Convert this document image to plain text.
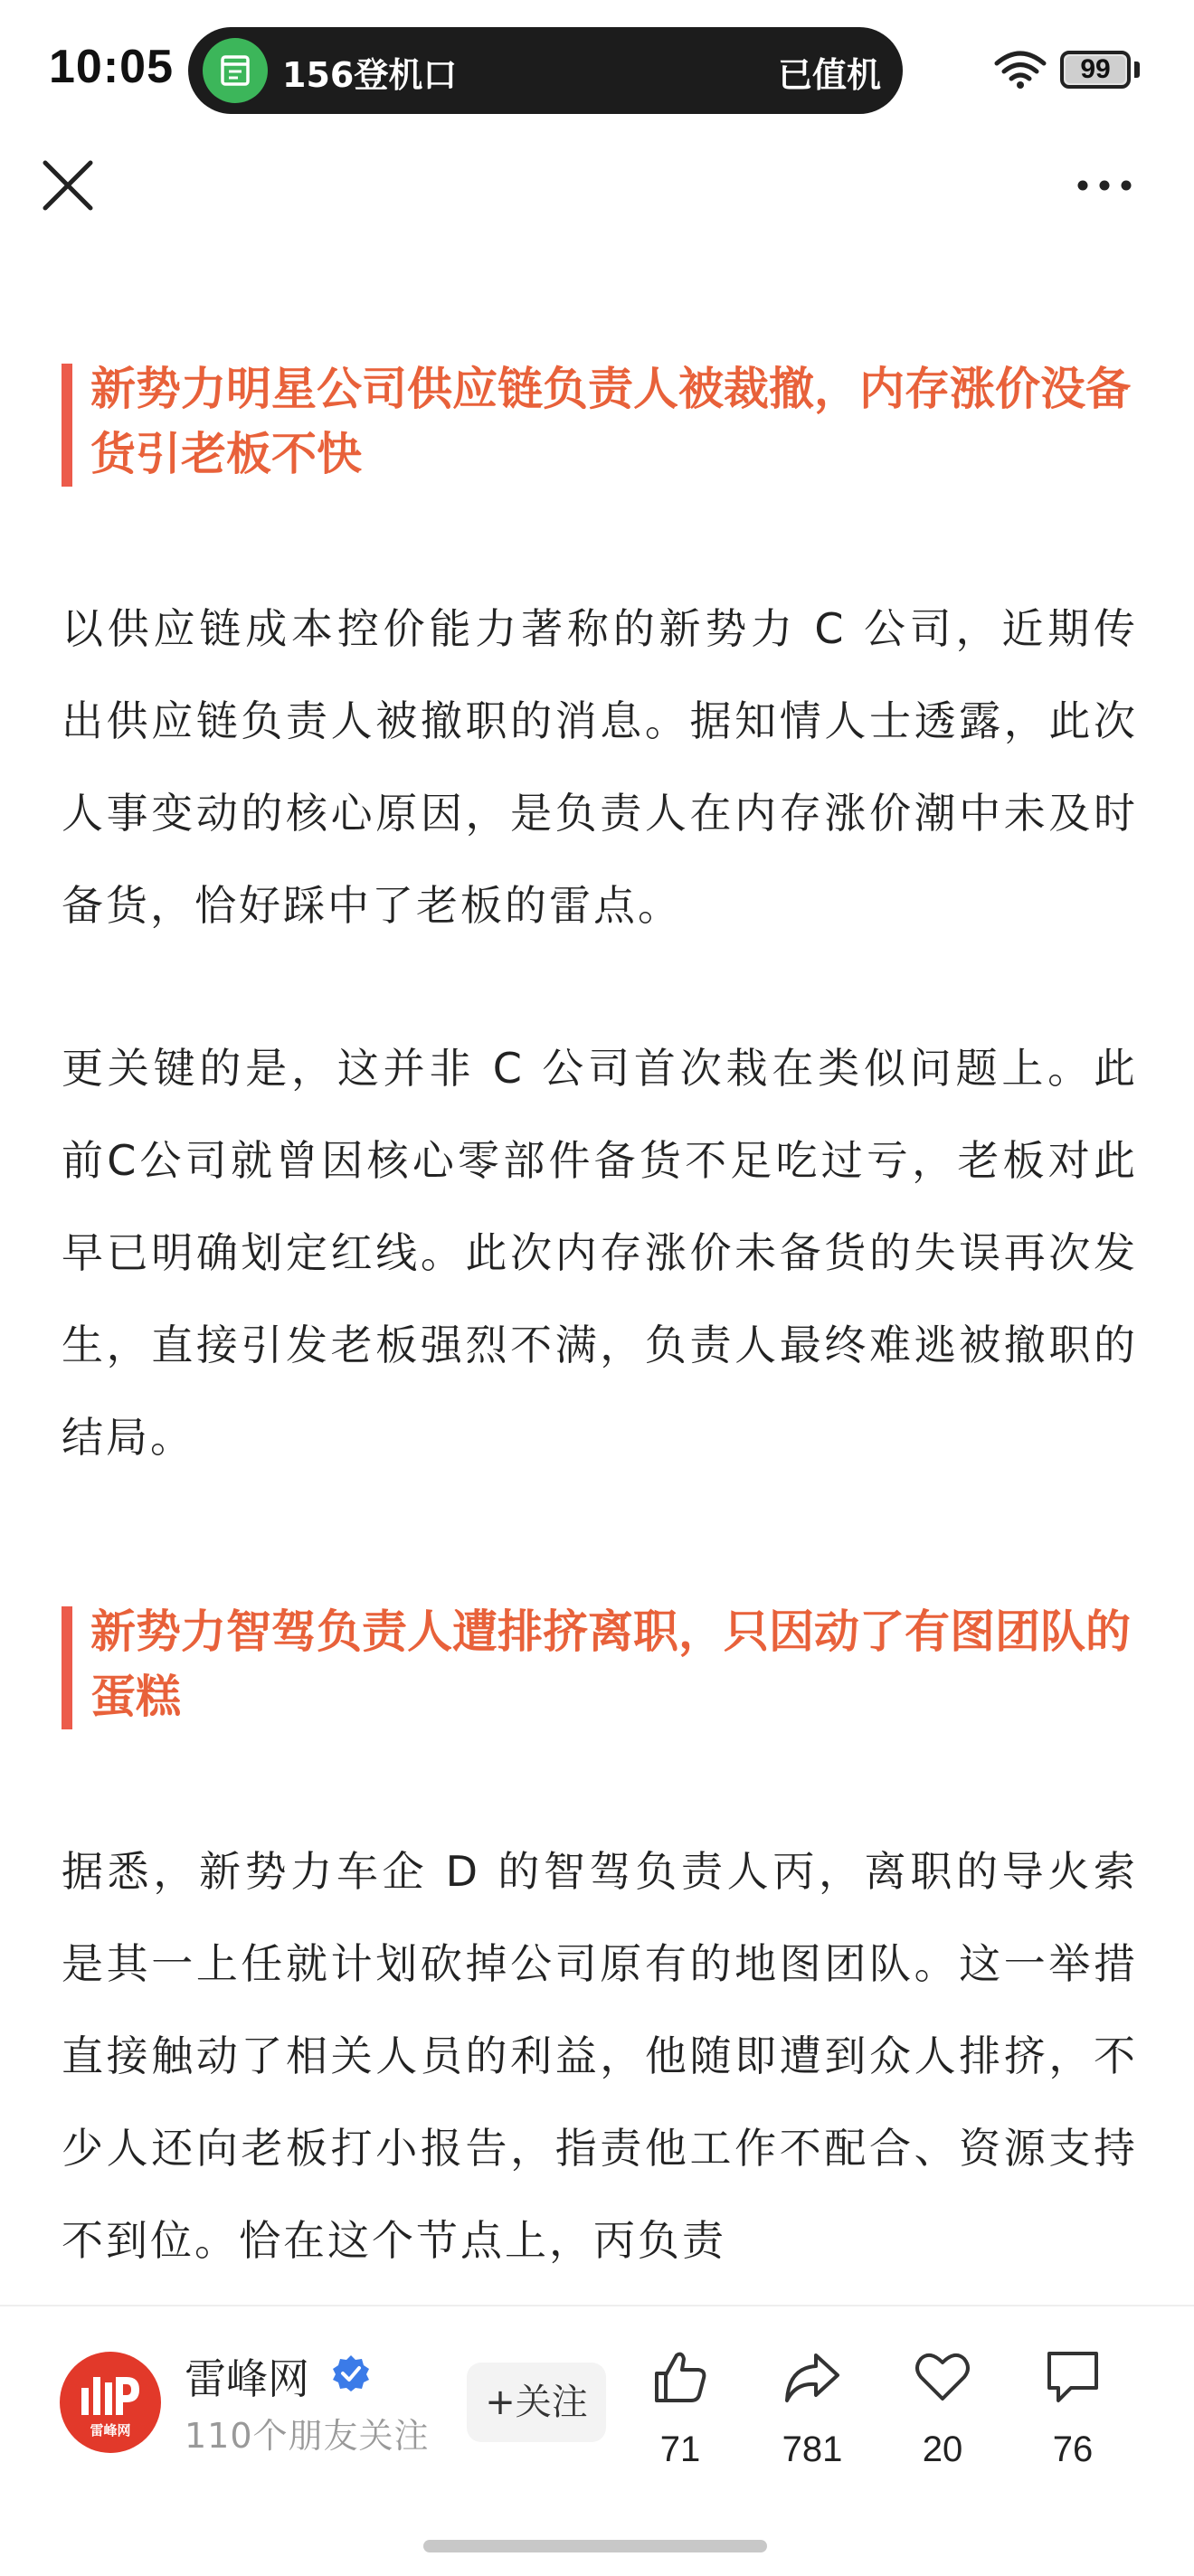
10:05	156登机口	已值机	99
新势力明星公司供应链负责人被裁撤，内存涨价没备货引老板不快
以供应链成本控价能力著称的新势力 C 公司，近期传出供应链负责人被撤职的消息。据知情人士透露，此次人事变动的核心原因，是负责人在内存涨价潮中未及时备货，恰好踩中了老板的雷点。
更关键的是，这并非 C 公司首次栽在类似问题上。此前C公司就曾因核心零部件备货不足吃过亏，老板对此早已明确划定红线。此次内存涨价未备货的失误再次发生，直接引发老板强烈不满，负责人最终难逃被撤职的结局。
新势力智驾负责人遭排挤离职，只因动了有图团队的蛋糕
据悉，新势力车企 D 的智驾负责人丙，离职的导火索是其一上任就计划砍掉公司原有的地图团队。这一举措直接触动了相关人员的利益，他随即遭到众人排挤，不少人还向老板打小报告，指责他工作不配合、资源支持不到位。恰在这个节点上，丙负责
雷峰网
雷峰网
110个朋友关注
+关注
71	781	20	76
